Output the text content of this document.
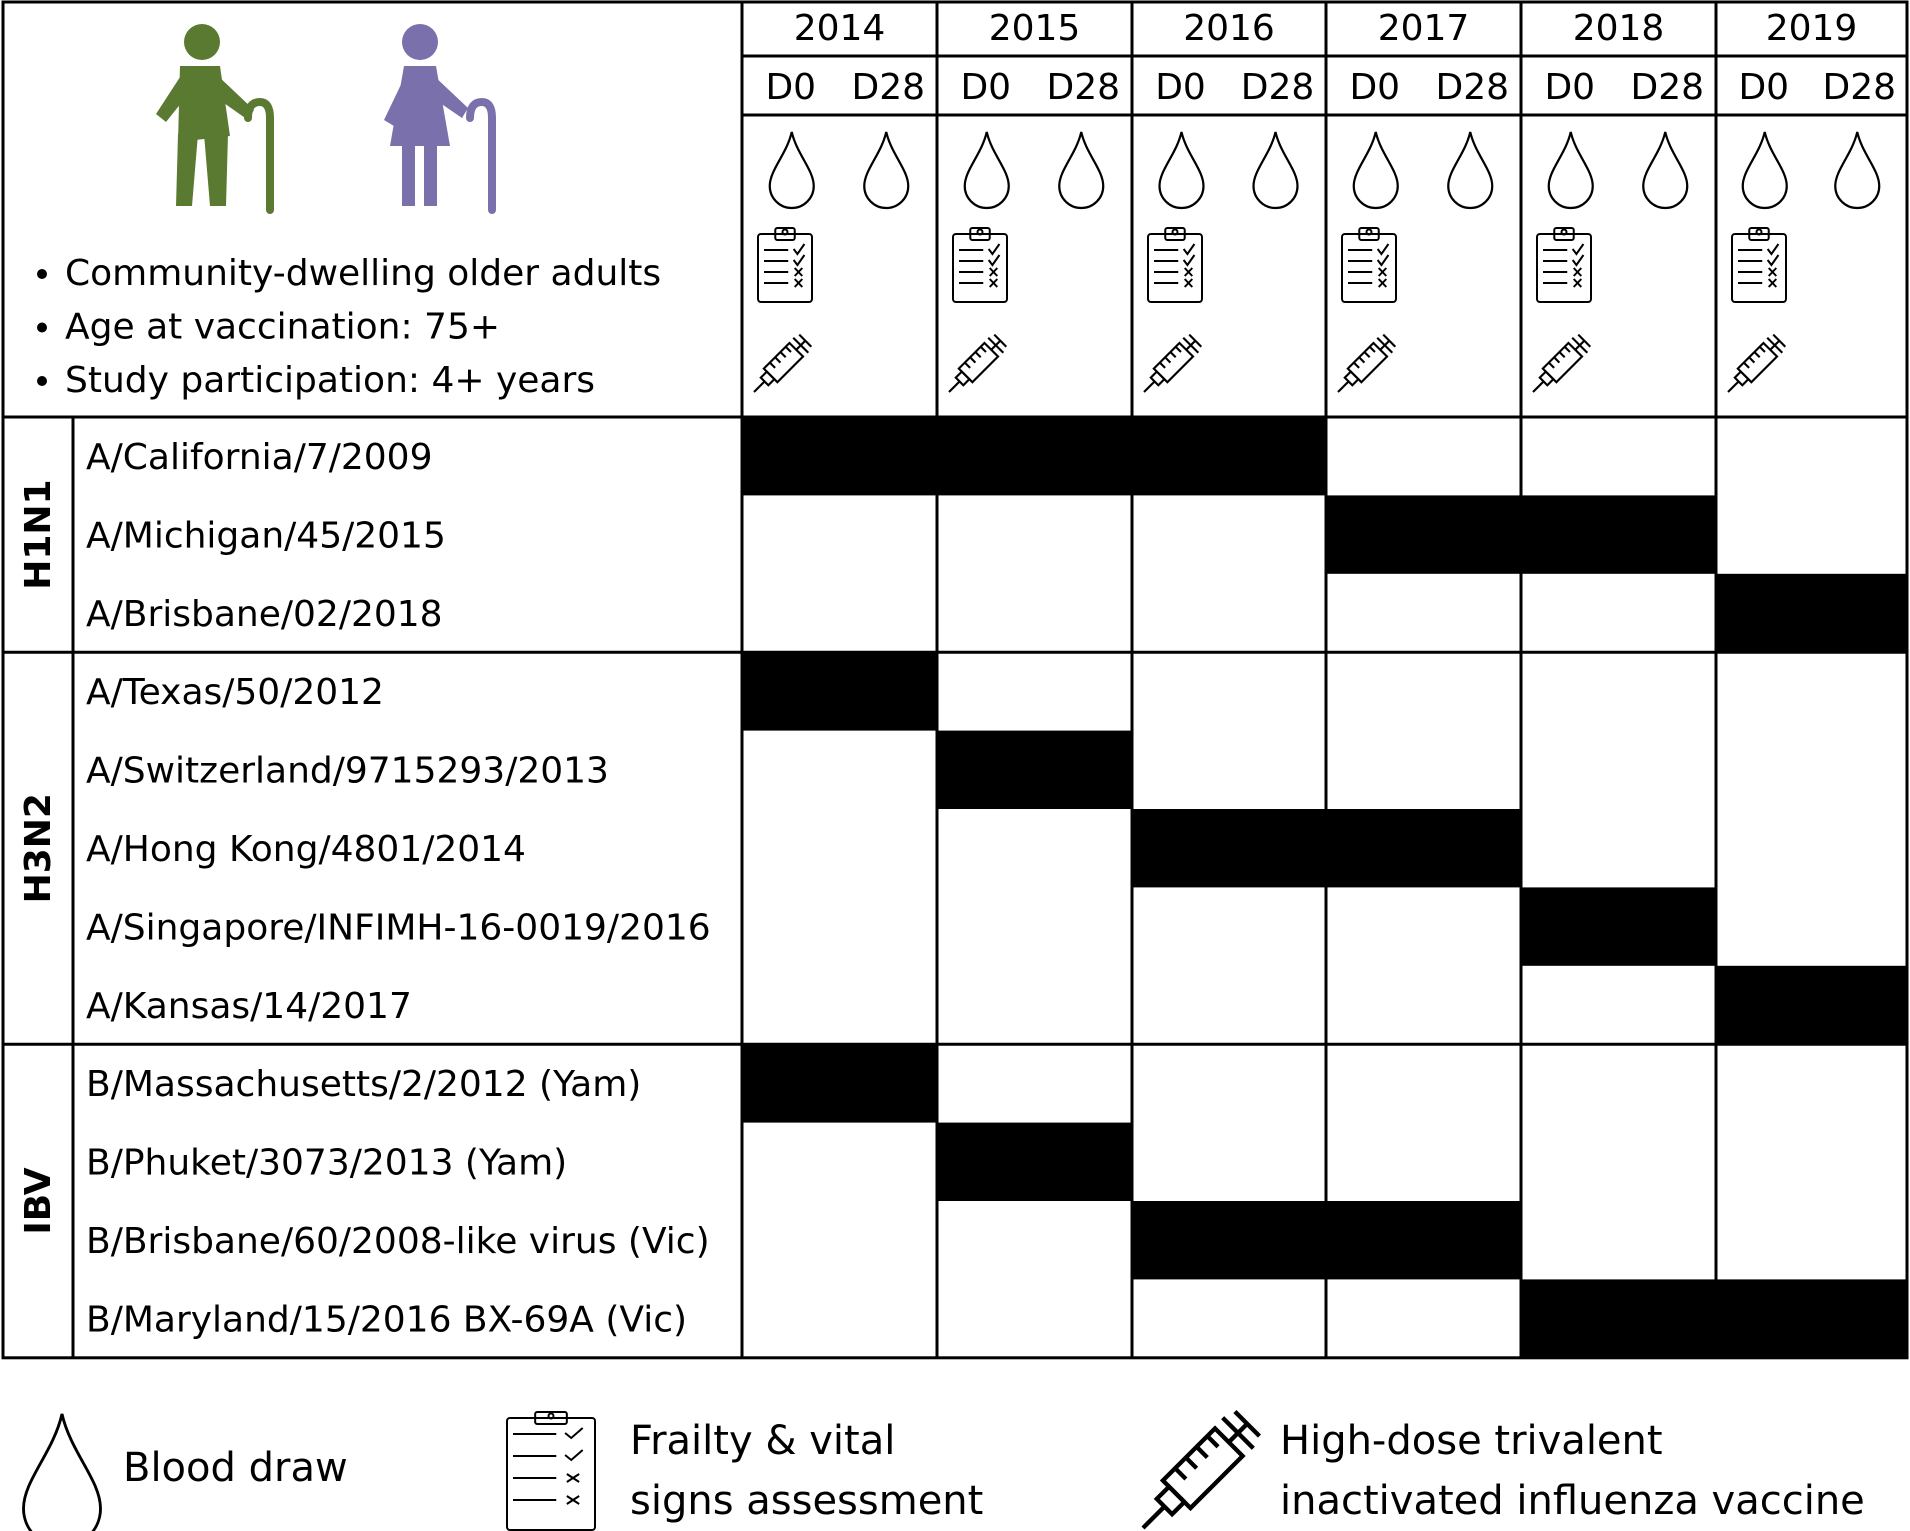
2014
D0 D28
2015
D0 D28
2016
D0 D28
2017
D0 D28
2018
D0 D28
2019
D0 D28
Community-dwelling older adults
Age at vaccination: 75+
Study participation: 4+ years
H1N1
A/California/7/2009
A/Michigan/45/2015
A/Brisbane/02/2018
H3N2
A/Texas/50/2012
A/Switzerland/9715293/2013
A/Hong Kong/4801/2014
A/Singapore/INFIMH-16-0019/2016
A/Kansas/14/2017
IBV
B/Massachusetts/2/2012 (Yam)
B/Phuket/3073/2013 (Yam)
B/Brisbane/60/2008-like virus (Vic)
B/Maryland/15/2016 BX-69A (Vic)
Blood draw
Frailty & vital
signs assessment
High-dose trivalent
inactivated influenza vaccine
